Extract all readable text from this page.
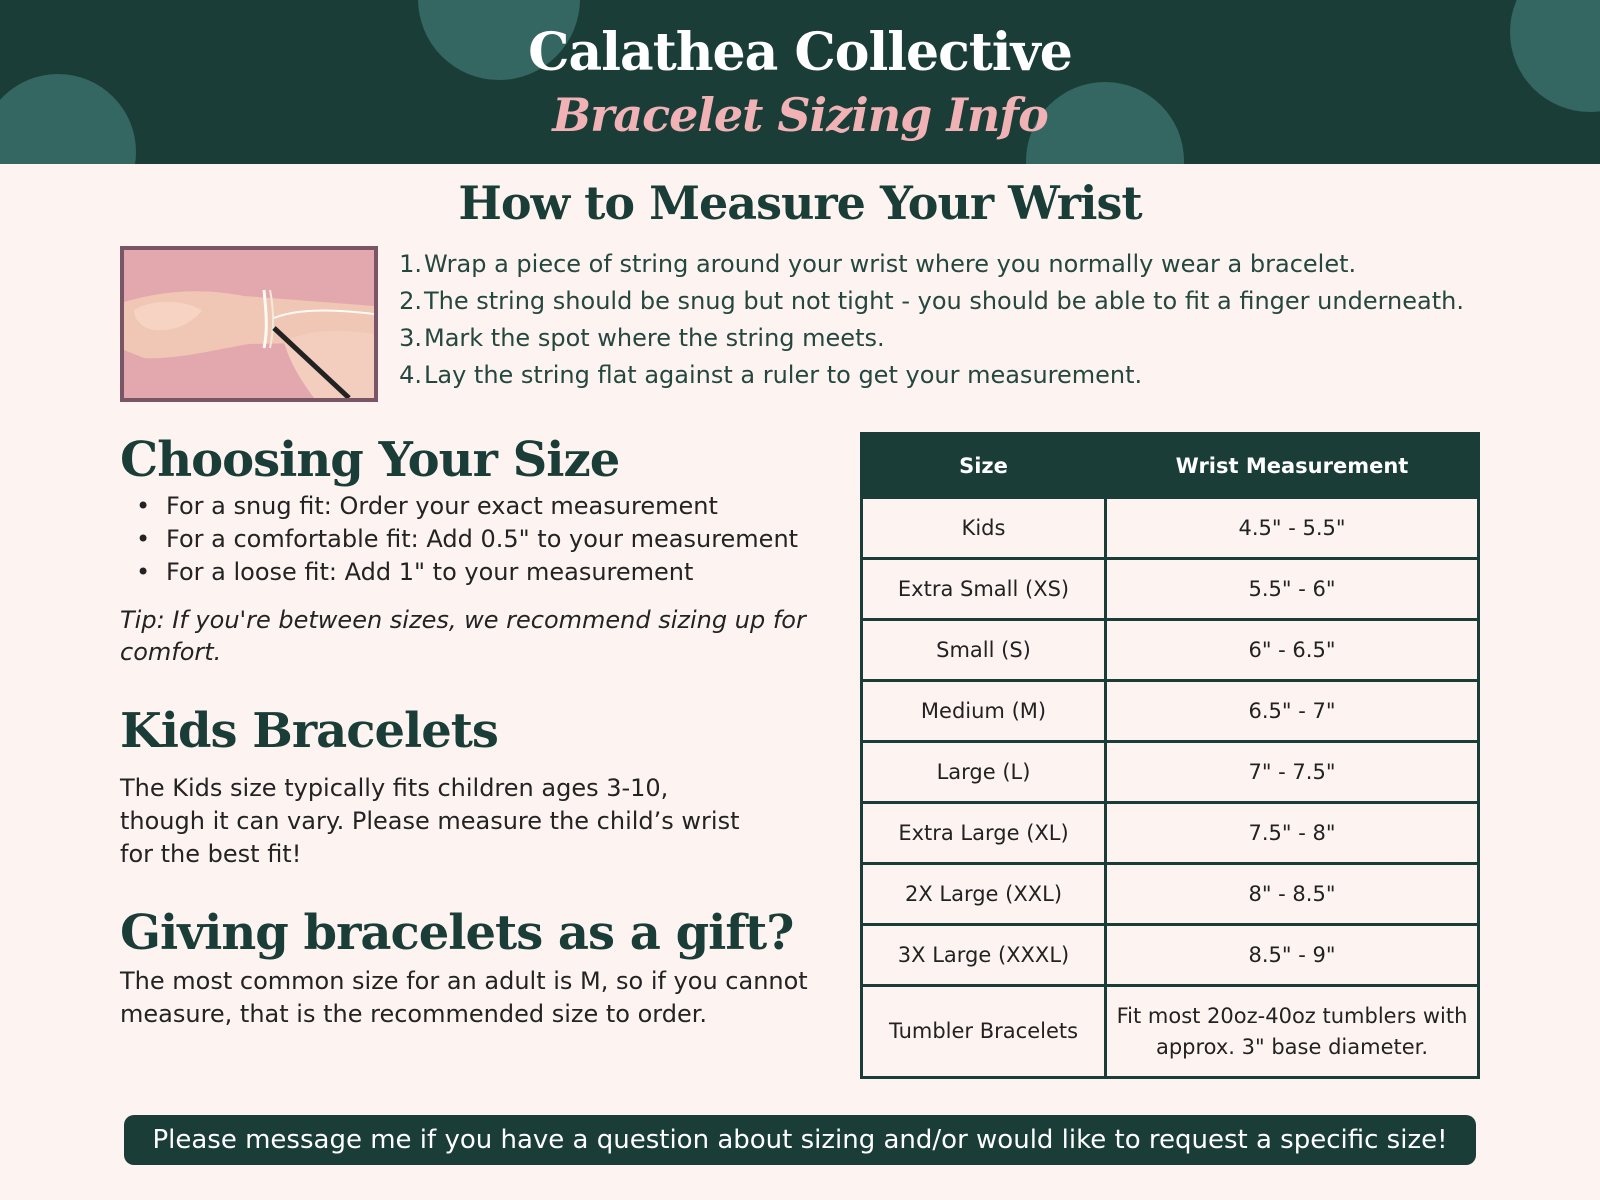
Calathea Collective
Bracelet Sizing Info
How to Measure Your Wrist
1.Wrap a piece of string around your wrist where you normally wear a bracelet.
2.The string should be snug but not tight - you should be able to fit a finger underneath.
3.Mark the spot where the string meets.
4.Lay the string flat against a ruler to get your measurement.
Choosing Your Size
• For a snug fit: Order your exact measurement
• For a comfortable fit: Add 0.5" to your measurement
• For a loose fit: Add 1" to your measurement
Tip: If you're between sizes, we recommend sizing up for comfort.
Kids Bracelets
The Kids size typically fits children ages 3-10, though it can vary. Please measure the child’s wrist for the best fit!
Giving bracelets as a gift?
The most common size for an adult is M, so if you cannot measure, that is the recommended size to order.
Size	Wrist Measurement
Kids	4.5" - 5.5"
Extra Small (XS)	5.5" - 6"
Small (S)	6" - 6.5"
Medium (M)	6.5" - 7"
Large (L)	7" - 7.5"
Extra Large (XL)	7.5" - 8"
2X Large (XXL)	8" - 8.5"
3X Large (XXXL)	8.5" - 9"
Tumbler Bracelets	Fit most 20oz-40oz tumblers with approx. 3" base diameter.
Please message me if you have a question about sizing and/or would like to request a specific size!
